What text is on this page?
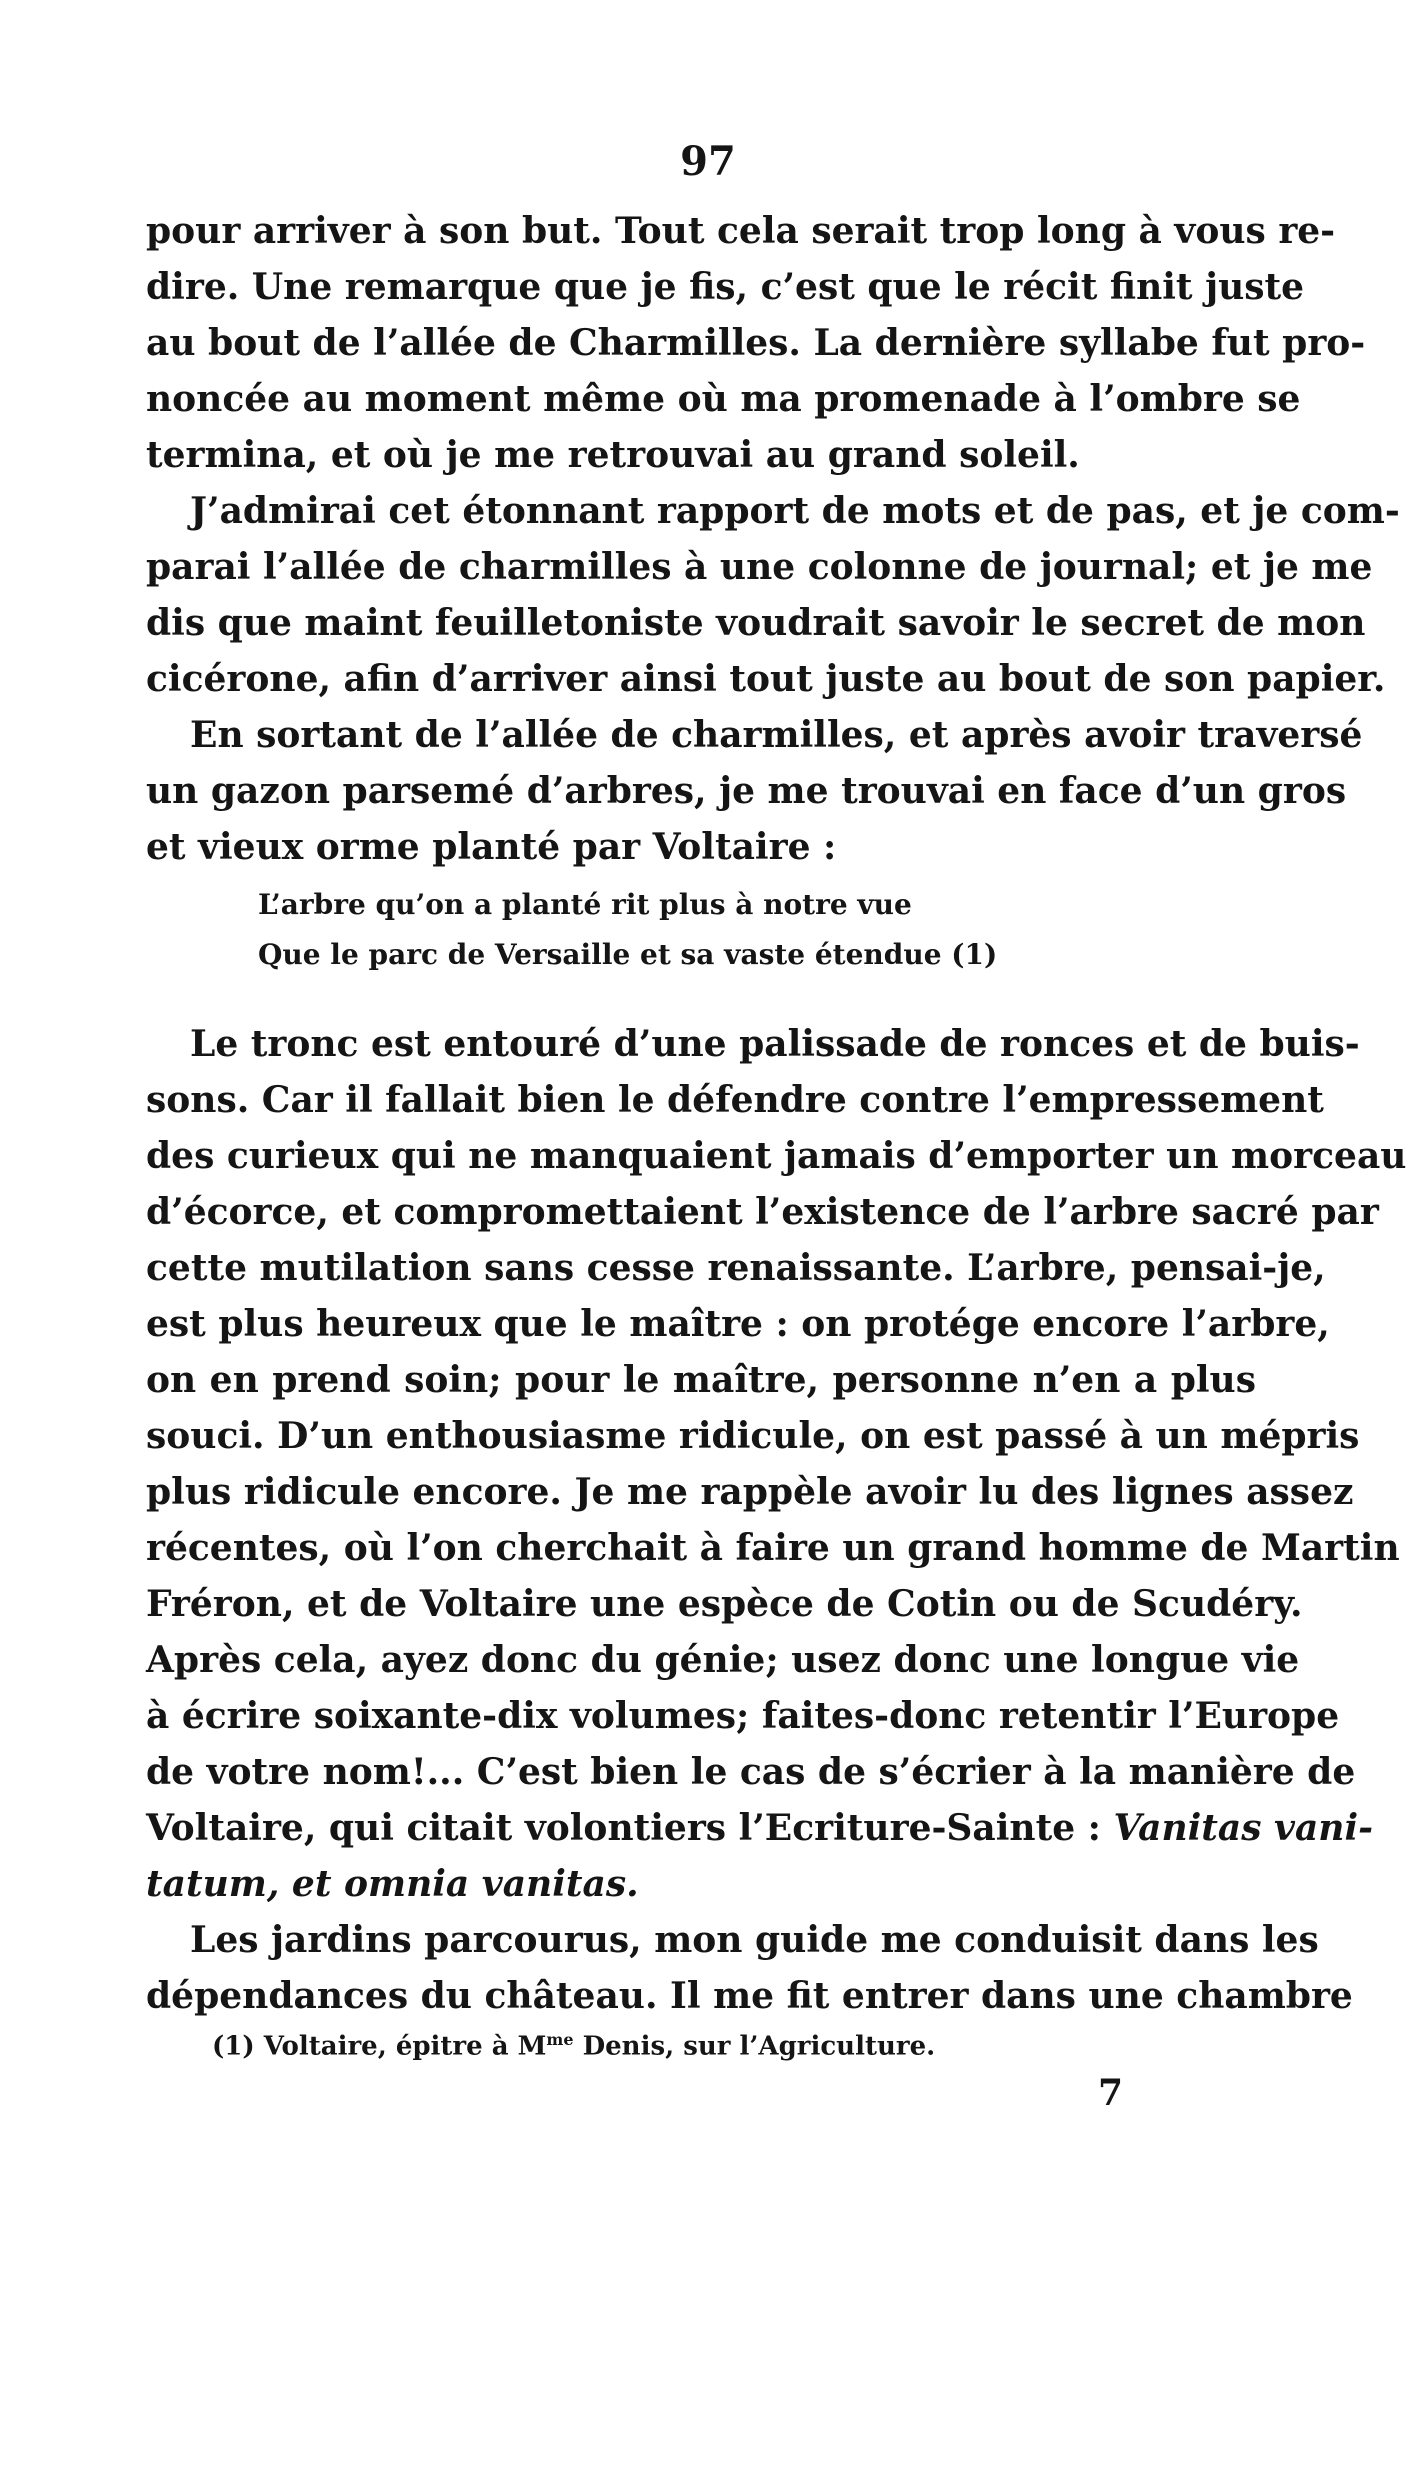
97
pour arriver à son but. Tout cela serait trop long à vous re-
dire. Une remarque que je fis, c’est que le récit finit juste
au bout de l’allée de Charmilles. La dernière syllabe fut pro-
noncée au moment même où ma promenade à l’ombre se
termina, et où je me retrouvai au grand soleil.
J’admirai cet étonnant rapport de mots et de pas, et je com-
parai l’allée de charmilles à une colonne de journal; et je me
dis que maint feuilletoniste voudrait savoir le secret de mon
cicérone, afin d’arriver ainsi tout juste au bout de son papier.
En sortant de l’allée de charmilles, et après avoir traversé
un gazon parsemé d’arbres, je me trouvai en face d’un gros
et vieux orme planté par Voltaire :
L’arbre qu’on a planté rit plus à notre vue
Que le parc de Versaille et sa vaste étendue (1)
Le tronc est entouré d’une palissade de ronces et de buis-
sons. Car il fallait bien le défendre contre l’empressement
des curieux qui ne manquaient jamais d’emporter un morceau
d’écorce, et compromettaient l’existence de l’arbre sacré par
cette mutilation sans cesse renaissante. L’arbre, pensai-je,
est plus heureux que le maître : on protége encore l’arbre,
on en prend soin; pour le maître, personne n’en a plus
souci. D’un enthousiasme ridicule, on est passé à un mépris
plus ridicule encore. Je me rappèle avoir lu des lignes assez
récentes, où l’on cherchait à faire un grand homme de Martin
Fréron, et de Voltaire une espèce de Cotin ou de Scudéry.
Après cela, ayez donc du génie; usez donc une longue vie
à écrire soixante-dix volumes; faites-donc retentir l’Europe
de votre nom!... C’est bien le cas de s’écrier à la manière de
Voltaire, qui citait volontiers l’Ecriture-Sainte : Vanitas vani-
tatum, et omnia vanitas.
Les jardins parcourus, mon guide me conduisit dans les
dépendances du château. Il me fit entrer dans une chambre
(1) Voltaire, épitre à $M^{me}$ Denis, sur l’Agriculture.
7
